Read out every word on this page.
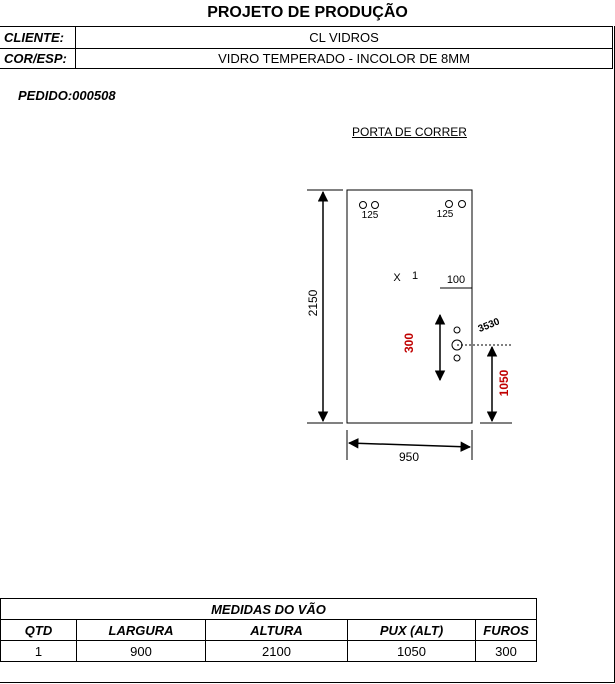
PROJETO DE PRODUÇÃO
CLIENTE:	CL VIDROS
COR/ESP:	VIDRO TEMPERADO - INCOLOR DE 8MM
PEDIDO:000508
PORTA DE CORRER
2150
950
125	125
X 1	100
300
3530
1050
MEDIDAS DO VÃO				
QTD	LARGURA	ALTURA	PUX (ALT)	FUROS
1	900	2100	1050	300
